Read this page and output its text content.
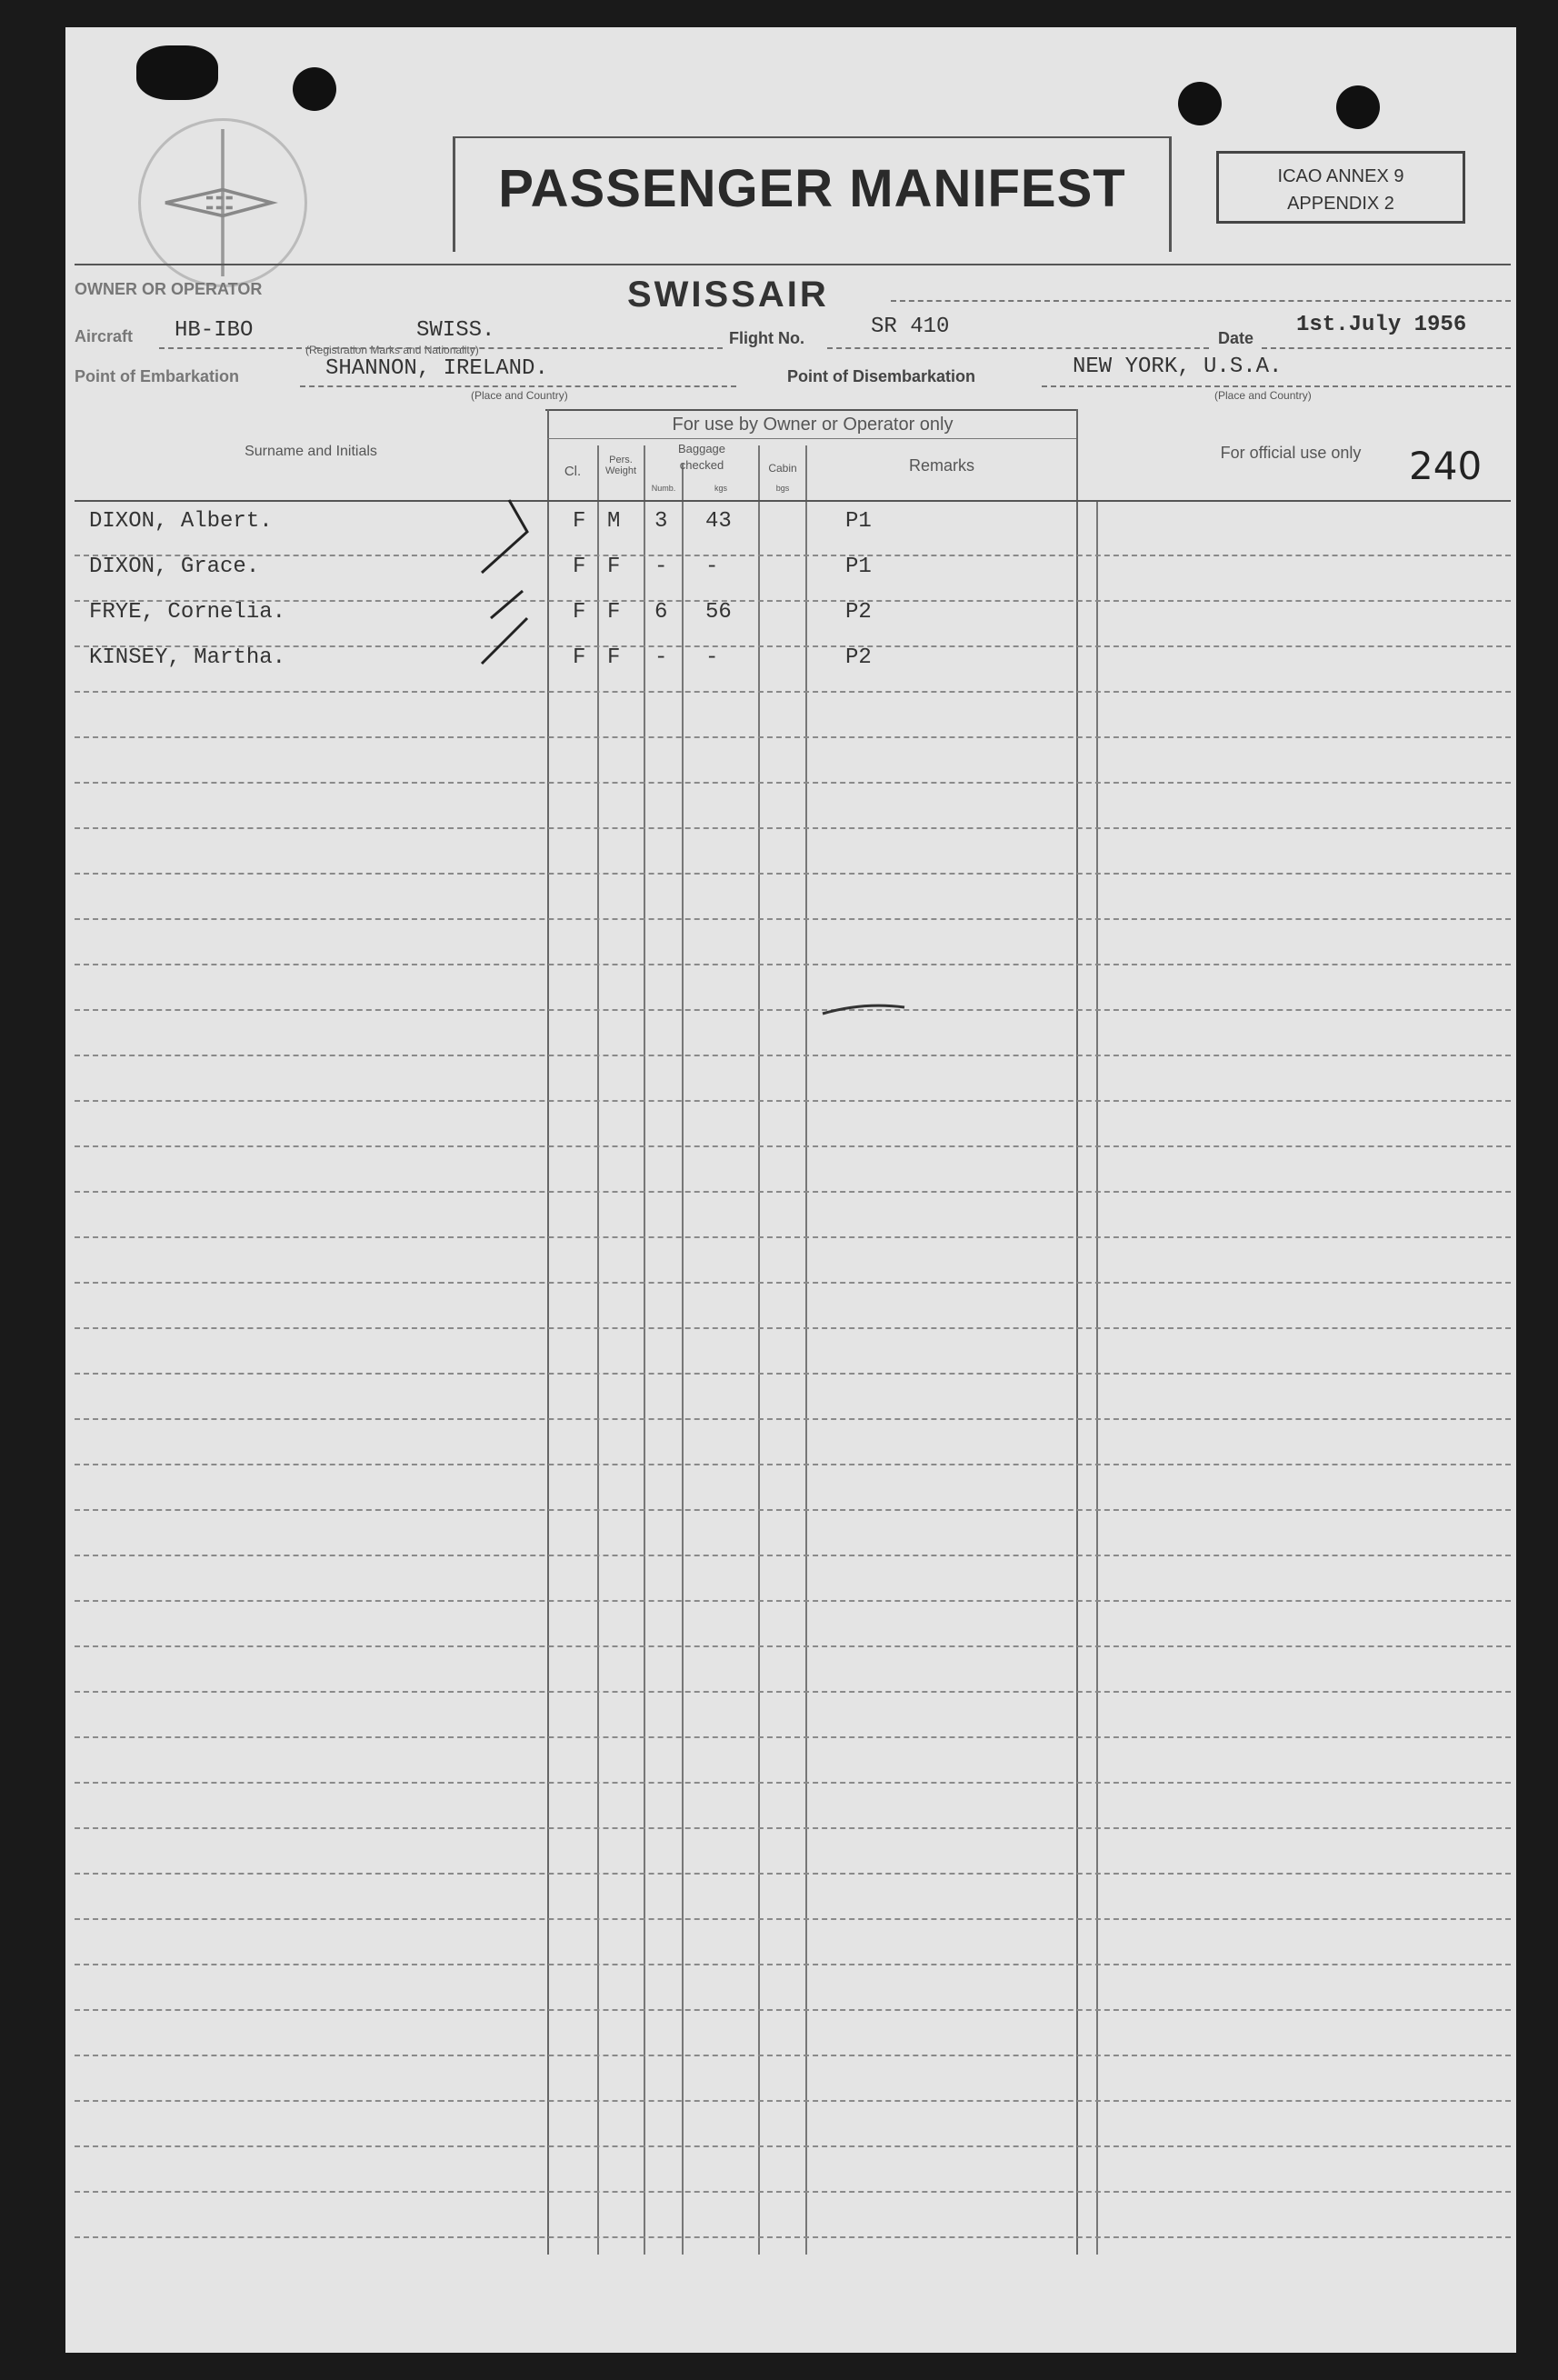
PASSENGER MANIFEST	ICAO ANNEX 9
APPENDIX 2
OWNER OR OPERATOR	SWISSAIR
Aircraft HB-IBO	SWISS.
(Registration Marks and Nationality)
Flight No.	SR 410	Date
1st.July 1956
Point of Embarkation	SHANNON, IRELAND.
(Place and Country)
Point of Disembarkation	NEW YORK, U.S.A.
(Place and Country)
Surname and Initials
For use by Owner or Operator only
Cl.
Pers. Weight
Baggage
checked	Cabin
Numb.	kgs	bgs
Remarks
For official use only	240
DIXON, Albert.	F M 3 43	P1
DIXON, Grace.	F F - -	P1
FRYE, Cornelia.	F F 6 56	P2
KINSEY, Martha.	F F - -	P2
